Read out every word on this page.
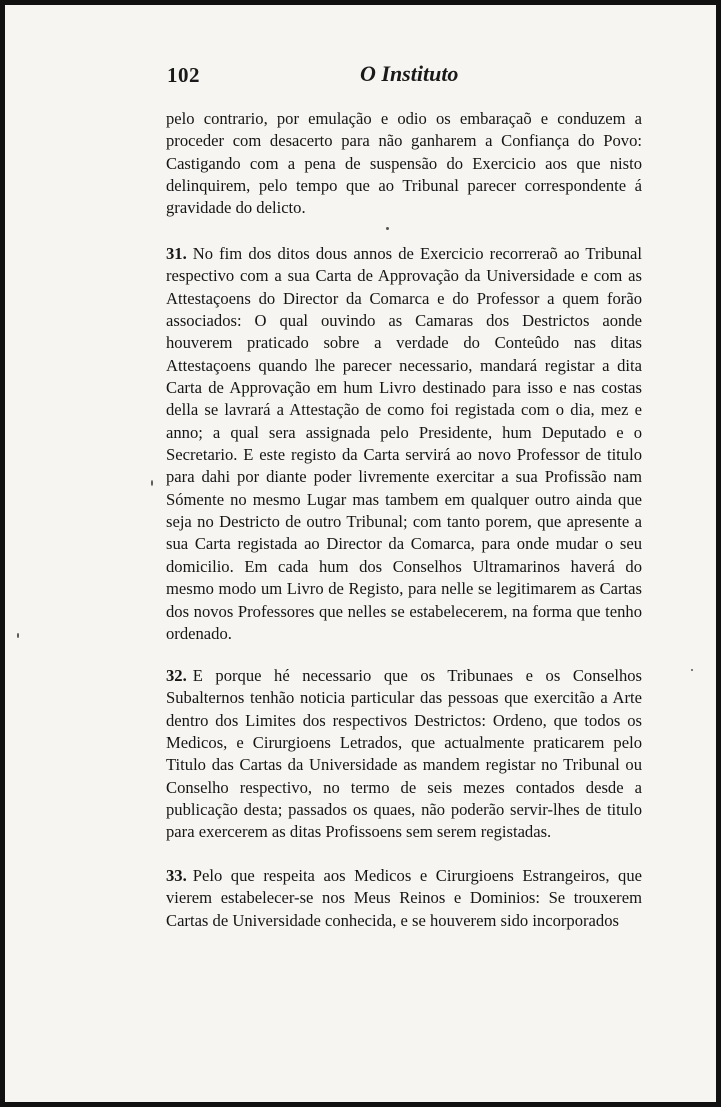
102	O Instituto

pelo contrario, por emulação e odio os embaraçaõ e conduzem a proceder com desacerto para não ganharem a Confiança do Povo: Castigando com a pena de suspensão do Exercicio aos que nisto delinquirem, pelo tempo que ao Tribunal parecer correspondente á gravidade do delicto.

31. No fim dos ditos dous annos de Exercicio recorreraõ ao Tribunal respectivo com a sua Carta de Approvação da Universidade e com as Attestaçoens do Director da Comarca e do Professor a quem forão associados: O qual ouvindo as Camaras dos Destrictos aonde houverem praticado sobre a verdade do Conteûdo nas ditas Attestaçoens quando lhe parecer necessario, mandará registar a dita Carta de Approvação em hum Livro destinado para isso e nas costas della se lavrará a Attestação de como foi registada com o dia, mez e anno; a qual sera assignada pelo Presidente, hum Deputado e o Secretario. E este registo da Carta servirá ao novo Professor de titulo para dahi por diante poder livremente exercitar a sua Profissão nam Sómente no mesmo Lugar mas tambem em qualquer outro ainda que seja no Destricto de outro Tribunal; com tanto porem, que apresente a sua Carta registada ao Director da Comarca, para onde mudar o seu domicilio. Em cada hum dos Conselhos Ultramarinos haverá do mesmo modo um Livro de Registo, para nelle se legitimarem as Cartas dos novos Professores que nelles se estabelecerem, na forma que tenho ordenado.

32. E porque hé necessario que os Tribunaes e os Conselhos Subalternos tenhão noticia particular das pessoas que exercitão a Arte dentro dos Limites dos respectivos Destrictos: Ordeno, que todos os Medicos, e Cirurgioens Letrados, que actualmente praticarem pelo Titulo das Cartas da Universidade as mandem registar no Tribunal ou Conselho respectivo, no termo de seis mezes contados desde a publicação desta; passados os quaes, não poderão servir-lhes de titulo para exercerem as ditas Profissoens sem serem registadas.

33. Pelo que respeita aos Medicos e Cirurgioens Estrangeiros, que vierem estabelecer-se nos Meus Reinos e Dominios: Se trouxerem Cartas de Universidade conhecida, e se houverem sido incorporados
